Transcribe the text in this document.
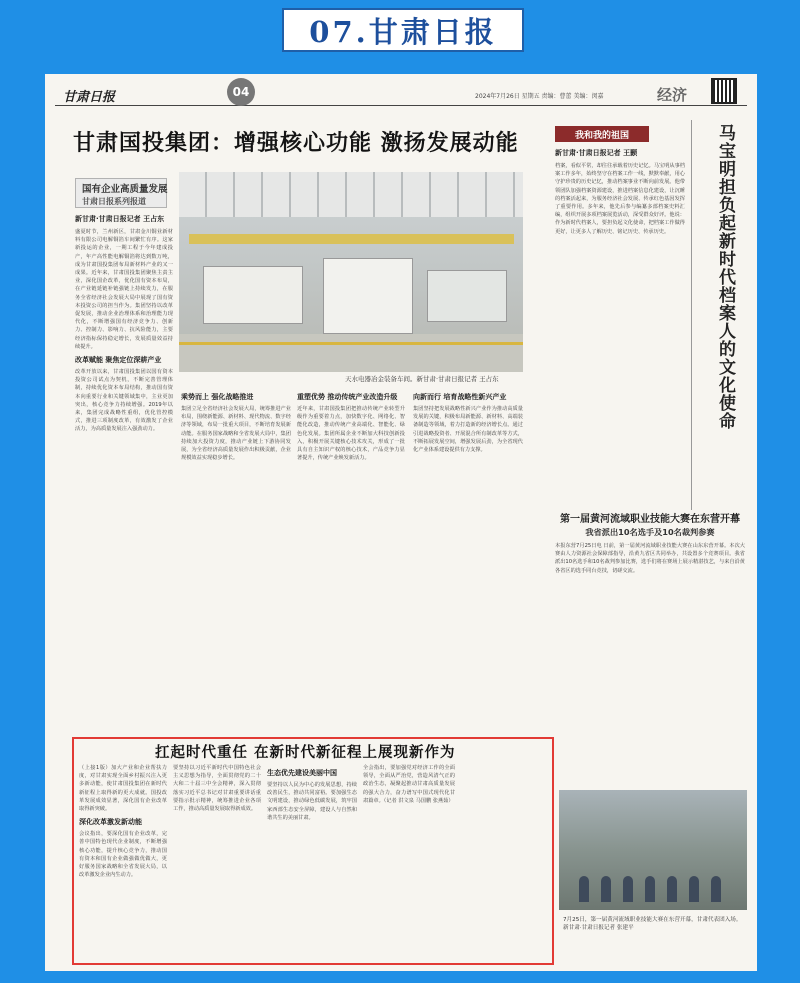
07.甘肃日报
甘肃日报	2024年7月26日 星期五 责编：曹蕾 美编：闵嘉	经济
04
甘肃国投集团：增强核心功能 激扬发展动能
国有企业高质量发展
甘肃日报系列报道
天水电器冶金装备车间。新甘肃·甘肃日报记者 王占东
新甘肃·甘肃日报记者 王占东
盛夏时节，兰州新区，甘肃金川铜业新材料有限公司电解铜箔车间繁忙有序。这家新投运的企业，一期工程于今年建成投产，年产高性能电解铜箔将达到数万吨，成为甘肃国投集团布局新材料产业的又一成果。近年来，甘肃国投集团聚焦主责主业，深化国企改革，优化国有资本布局，在产业链延链补链强链上持续发力，在服务全省经济社会发展大局中展现了国有资本投资公司的担当作为。集团坚持以改革促发展，推动企业治理体系和治理能力现代化，不断增强国有经济竞争力、创新力、控制力、影响力、抗风险能力，主要经济指标保持稳定增长，发展质量效益持续提升。
改革赋能 聚焦定位深耕产业
改革开放以来，甘肃国投集团以国有资本投资公司试点为契机，不断完善管理体制，持续优化资本布局结构，推动国有资本向重要行业和关键领域集中，主业更加突出，核心竞争力持续增强。2019年以来，集团完成战略性重组，优化管控模式，推进三项制度改革，有效激发了企业活力，为高质量发展注入强劲动力。
乘势而上 强化战略推进
集团立足全省经济社会发展大局，统筹推进产业布局，围绕新能源、新材料、现代物流、数字经济等领域，布局一批重大项目，不断培育发展新动能。在服务国家战略和全省发展大局中，集团持续加大投资力度，推动产业链上下游协同发展，为全省经济高质量发展作出积极贡献，企业规模效益实现稳步增长。
重塑优势 推动传统产业改造升级
近年来，甘肃国投集团把推动传统产业转型升级作为重要着力点，加快数字化、网络化、智能化改造，推动传统产业高端化、智能化、绿色化发展。集团所属企业不断加大科技创新投入，积极开展关键核心技术攻关，形成了一批具有自主知识产权的核心技术，产品竞争力显著提升，传统产业焕发新活力。
向新而行 培育战略性新兴产业
集团坚持把发展战略性新兴产业作为推动高质量发展的关键，积极布局新能源、新材料、高端装备制造等领域，着力打造新的经济增长点。通过引进战略投资者、开展混合所有制改革等方式，不断拓展发展空间，增强发展后劲，为全省现代化产业体系建设提供有力支撑。
我和我的祖国	马宝明担负起新时代档案人的文化使命
新甘肃·甘肃日报记者 王颢
档案，看似平常，却往往承载着历史记忆。马宝明从事档案工作多年，始终坚守在档案工作一线，默默奉献，用心守护珍贵的历史记忆，推动档案事业不断向前发展。他带领团队加强档案资源建设，推进档案信息化建设，让沉睡的档案活起来，为服务经济社会发展、传承红色基因发挥了重要作用。多年来，他先后参与编纂多部档案史料汇编，组织开展多项档案展览活动，深受群众好评。他说：作为新时代档案人，要担负起文化使命，把档案工作做得更好，让更多人了解历史、铭记历史、传承历史。
第一届黄河流域职业技能大赛在东营开幕
我省派出10名选手及10名裁判参赛
本报东营7月25日电 日前，第一届黄河流域职业技能大赛在山东东营开幕。本次大赛由人力资源社会保障部指导，沿黄九省区共同举办，共设置多个竞赛项目。我省派出10名选手和10名裁判参加比赛，选手们将在赛场上展示精湛技艺，与来自沿黄各省区的选手同台竞技，切磋交流。
7月25日，第一届黄河流域职业技能大赛在东营开幕，甘肃代表团入场。新甘肃·甘肃日报记者 张建平
扛起时代重任 在新时代新征程上展现新作为
（上接1版）加大产业和企业帮扶力度，对甘肃实现全面乡村振兴注入更多新动能，使甘肃国投集团在新时代新征程上取得新的更大成就。国投改革发展成效显著，深化国有企业改革取得新突破。
深化改革激发新动能
会议指出，要深化国有企业改革，完善中国特色现代企业制度，不断增强核心功能，提升核心竞争力，推动国有资本和国有企业做强做优做大，更好服务国家战略和全省发展大局，以改革激发企业内生动力。
要坚持以习近平新时代中国特色社会主义思想为指导，全面贯彻党的二十大和二十届三中全会精神，深入贯彻落实习近平总书记对甘肃重要讲话重要指示批示精神，统筹推进企业各项工作，推动高质量发展取得新成效。
生态优先建设美丽中国
要坚持以人民为中心的发展思想，持续改善民生，推动共同富裕。要加强生态文明建设，推动绿色低碳发展，筑牢国家西部生态安全屏障，建设人与自然和谐共生的美丽甘肃。
全会指出，要加强党对经济工作的全面领导，全面从严治党，营造风清气正的政治生态，凝聚起推动甘肃高质量发展的强大合力，奋力谱写中国式现代化甘肃篇章。（记者 洪文泉 马国鹏 张燕茹）
